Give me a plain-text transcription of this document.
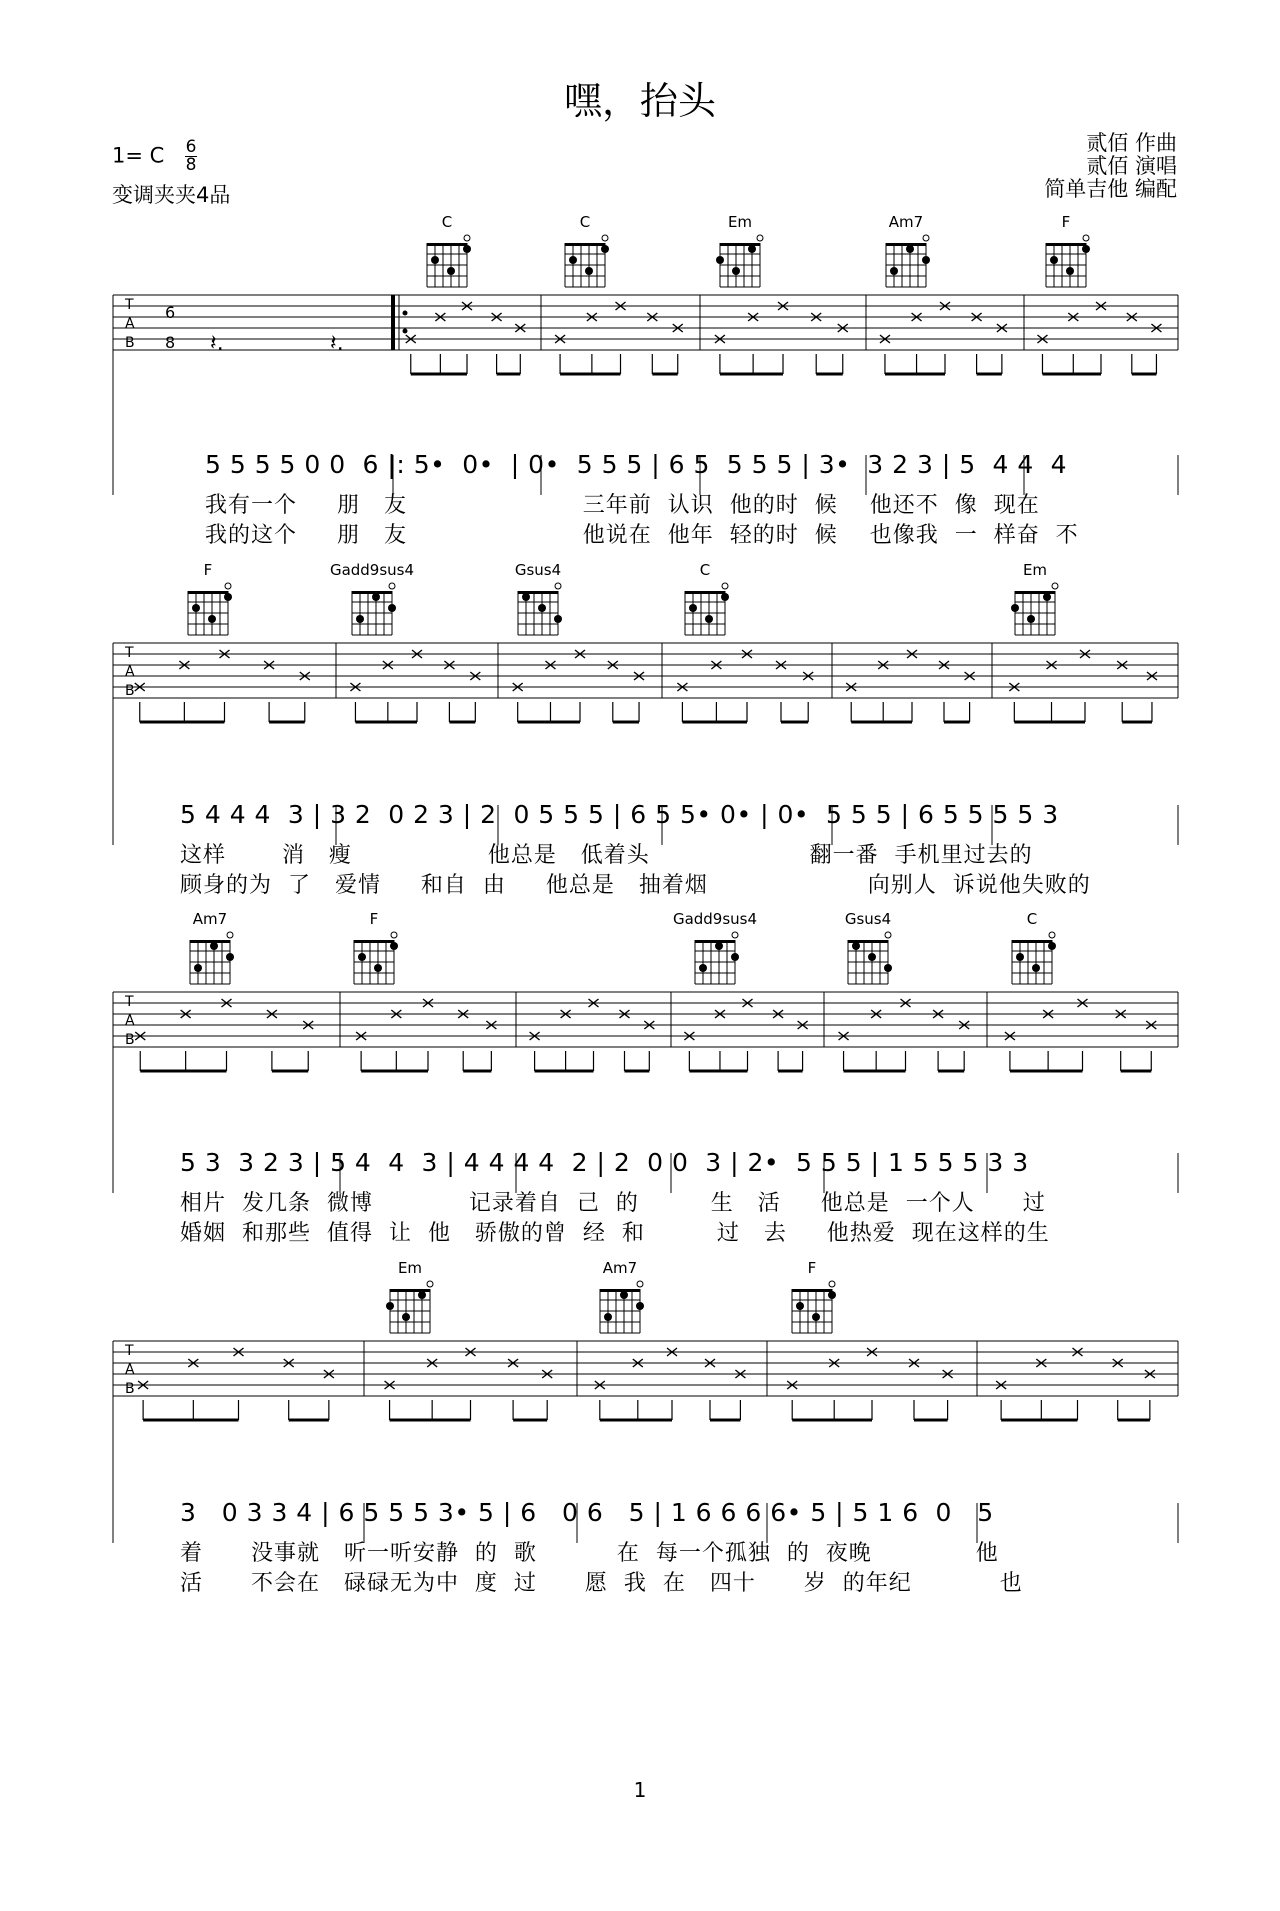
嘿，抬头
1= C $\frac{6}{8}$
变调夹夹4品
贰佰 作曲
贰佰 演唱
简单吉他 编配
T
A
B
C	C	Em	Am7	F
6
8 𝄽.	𝄽.
T
A
B
F	Gadd9sus4	Gsus4	C	Em
T
A
B
Am7	F	Gadd9sus4	Gsus4	C
T
A
B
Em	Am7	F
5 5 5 5 0 0  6 |: 5•  0•  | 0•  5 5 5 | 6 5  5 5 5 | 3•  3 2 3 | 5  4 4  4
我有一个     朋   友                      三年前  认识  他的时  候    他还不  像  现在
我的这个     朋   友                      他说在  他年  轻的时  候    也像我  一  样奋  不
5 4 4 4  3 | 3 2  0 2 3 | 2  0 5 5 5 | 6 5 5• 0• | 0•  5 5 5 | 6 5 5 5 5 3
这样       消   瘦                 他总是   低着头                    翻一番  手机里过去的
顾身的为  了   爱情     和自  由     他总是   抽着烟                    向别人  诉说他失败的
5 3  3 2 3 | 5 4  4  3 | 4 4 4 4  2 | 2  0 0  3 | 2•  5 5 5 | 1 5 5 5 3 3
相片  发几条  微博            记录着自  己  的         生   活     他总是  一个人      过
婚姻  和那些  值得  让  他   骄傲的曾  经  和         过   去     他热爱  现在这样的生
3   0 3 3 4 | 6 5 5 5 3• 5 | 6   0 6   5 | 1 6 6 6 6• 5 | 5 1 6  0   5
着      没事就   听一听安静  的  歌          在  每一个孤独  的  夜晚             他
活      不会在   碌碌无为中  度  过      愿  我  在   四十      岁  的年纪           也
1
